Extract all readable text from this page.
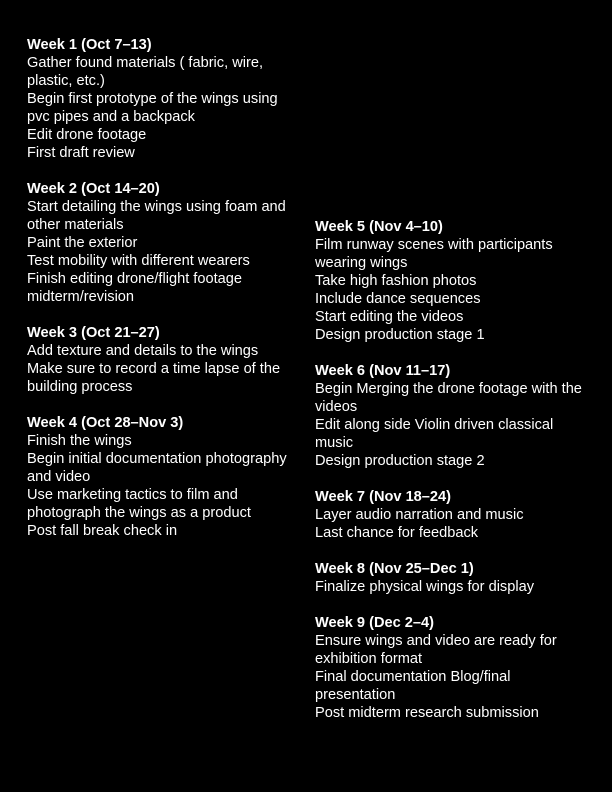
Week 1 (Oct 7–13)
Gather found materials ( fabric, wire, plastic, etc.)
Begin first prototype of the wings using pvc pipes and a backpack
Edit drone footage
First draft review
Week 2 (Oct 14–20)
Start detailing the wings using foam and other materials
Paint the exterior
Test mobility with different wearers
Finish editing drone/flight footage midterm/revision
Week 3 (Oct 21–27)
Add texture and details to the wings
Make sure to record a time lapse of the building process
Week 4 (Oct 28–Nov 3)
Finish the wings
Begin initial documentation photography and video
Use marketing tactics to film and photograph the wings as a product
Post fall break check in
Week 5 (Nov 4–10)
Film runway scenes with participants wearing wings
Take high fashion photos
Include dance sequences
Start editing the videos
Design production stage 1
Week 6 (Nov 11–17)
Begin Merging the drone footage with the videos
Edit along side Violin driven classical music
Design production stage 2
Week 7 (Nov 18–24)
Layer audio narration and music
Last chance for feedback
Week 8 (Nov 25–Dec 1)
Finalize physical wings for display
Week 9 (Dec 2–4)
Ensure wings and video are ready for exhibition format
Final documentation Blog/final presentation
Post midterm research submission
